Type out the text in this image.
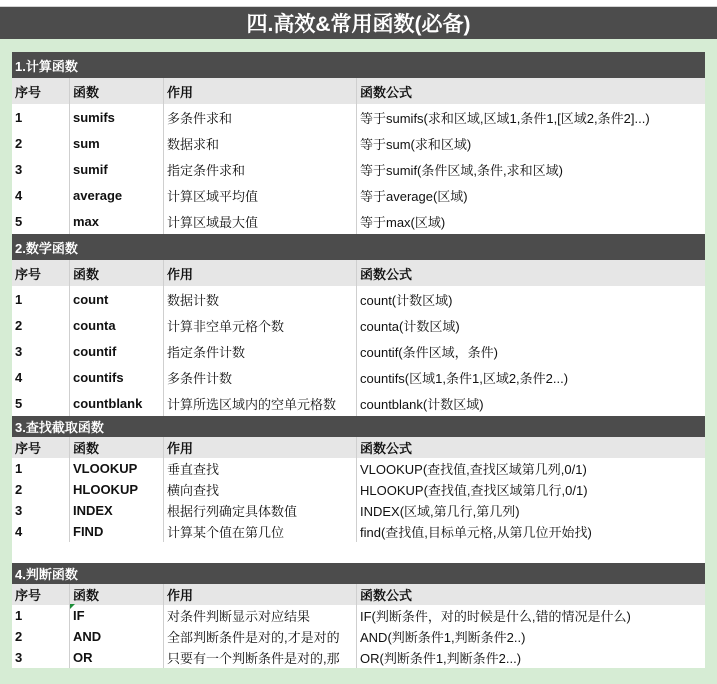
四.高效&常用函数(必备)
1.计算函数
序号	函数	作用	函数公式
1	sumifs	多条件求和	等于sumifs(求和区域,区域1,条件1,[区域2,条件2]...)
2	sum	数据求和	等于sum(求和区域)
3	sumif	指定条件求和	等于sumif(条件区域,条件,求和区域)
4	average	计算区域平均值	等于average(区域)
5	max	计算区域最大值	等于max(区域)
2.数学函数
序号	函数	作用	函数公式
1	count	数据计数	count(计数区域)
2	counta	计算非空单元格个数	counta(计数区域)
3	countif	指定条件计数	countif(条件区域，条件)
4	countifs	多条件计数	countifs(区域1,条件1,区域2,条件2...)
5	countblank	计算所选区域内的空单元格数	countblank(计数区域)
3.查找截取函数
序号	函数	作用	函数公式
1	VLOOKUP	垂直查找	VLOOKUP(查找值,查找区域第几列,0/1)
2	HLOOKUP	横向查找	HLOOKUP(查找值,查找区域第几行,0/1)
3	INDEX	根据行列确定具体数值	INDEX(区域,第几行,第几列)
4	FIND	计算某个值在第几位	find(查找值,目标单元格,从第几位开始找)
4.判断函数
序号	函数	作用	函数公式
1	IF	对条件判断显示对应结果	IF(判断条件，对的时候是什么,错的情况是什么)
2	AND	全部判断条件是对的,才是对的	AND(判断条件1,判断条件2..)
3	OR	只要有一个判断条件是对的,那	OR(判断条件1,判断条件2...)
